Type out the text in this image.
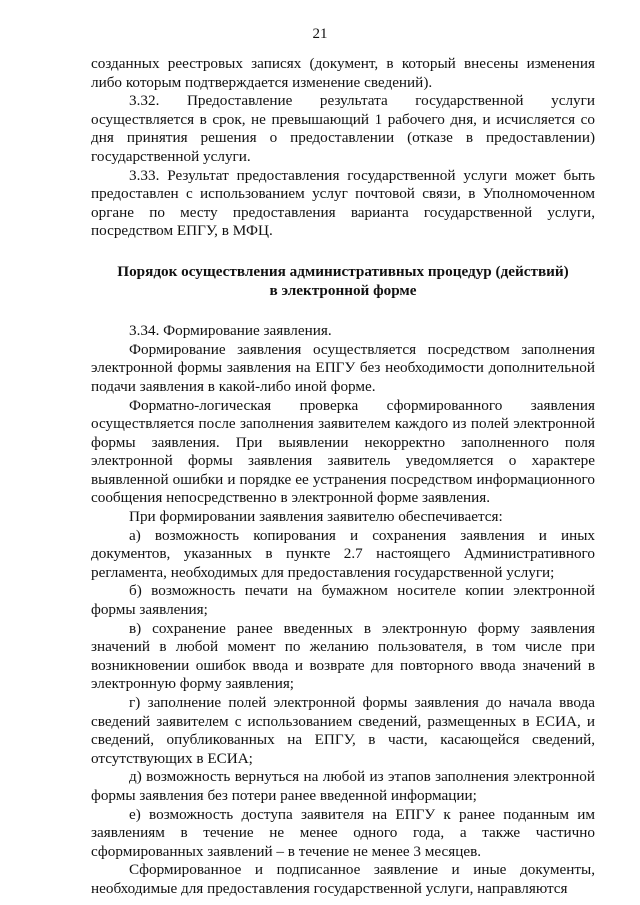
21

созданных реестровых записях (документ, в который внесены изменения либо которым подтверждается изменение сведений).

3.32. Предоставление результата государственной услуги осуществляется в срок, не превышающий 1 рабочего дня, и исчисляется со дня принятия решения о предоставлении (отказе в предоставлении) государственной услуги.

3.33. Результат предоставления государственной услуги может быть предоставлен с использованием услуг почтовой связи, в Уполномоченном органе по месту предоставления варианта государственной услуги, посредством ЕПГУ, в МФЦ.

Порядок осуществления административных процедур (действий)
в электронной форме

3.34. Формирование заявления.

Формирование заявления осуществляется посредством заполнения электронной формы заявления на ЕПГУ без необходимости дополнительной подачи заявления в какой-либо иной форме.

Форматно-логическая проверка сформированного заявления осуществляется после заполнения заявителем каждого из полей электронной формы заявления. При выявлении некорректно заполненного поля электронной формы заявления заявитель уведомляется о характере выявленной ошибки и порядке ее устранения посредством информационного сообщения непосредственно в электронной форме заявления.

При формировании заявления заявителю обеспечивается:

а) возможность копирования и сохранения заявления и иных документов, указанных в пункте 2.7 настоящего Административного регламента, необходимых для предоставления государственной услуги;

б) возможность печати на бумажном носителе копии электронной формы заявления;

в) сохранение ранее введенных в электронную форму заявления значений в любой момент по желанию пользователя, в том числе при возникновении ошибок ввода и возврате для повторного ввода значений в электронную форму заявления;

г) заполнение полей электронной формы заявления до начала ввода сведений заявителем с использованием сведений, размещенных в ЕСИА, и сведений, опубликованных на ЕПГУ, в части, касающейся сведений, отсутствующих в ЕСИА;

д) возможность вернуться на любой из этапов заполнения электронной формы заявления без потери ранее введенной информации;

е) возможность доступа заявителя на ЕПГУ к ранее поданным им заявлениям в течение не менее одного года, а также частично сформированных заявлений – в течение не менее 3 месяцев.

Сформированное и подписанное заявление и иные документы, необходимые для предоставления государственной услуги, направляются
